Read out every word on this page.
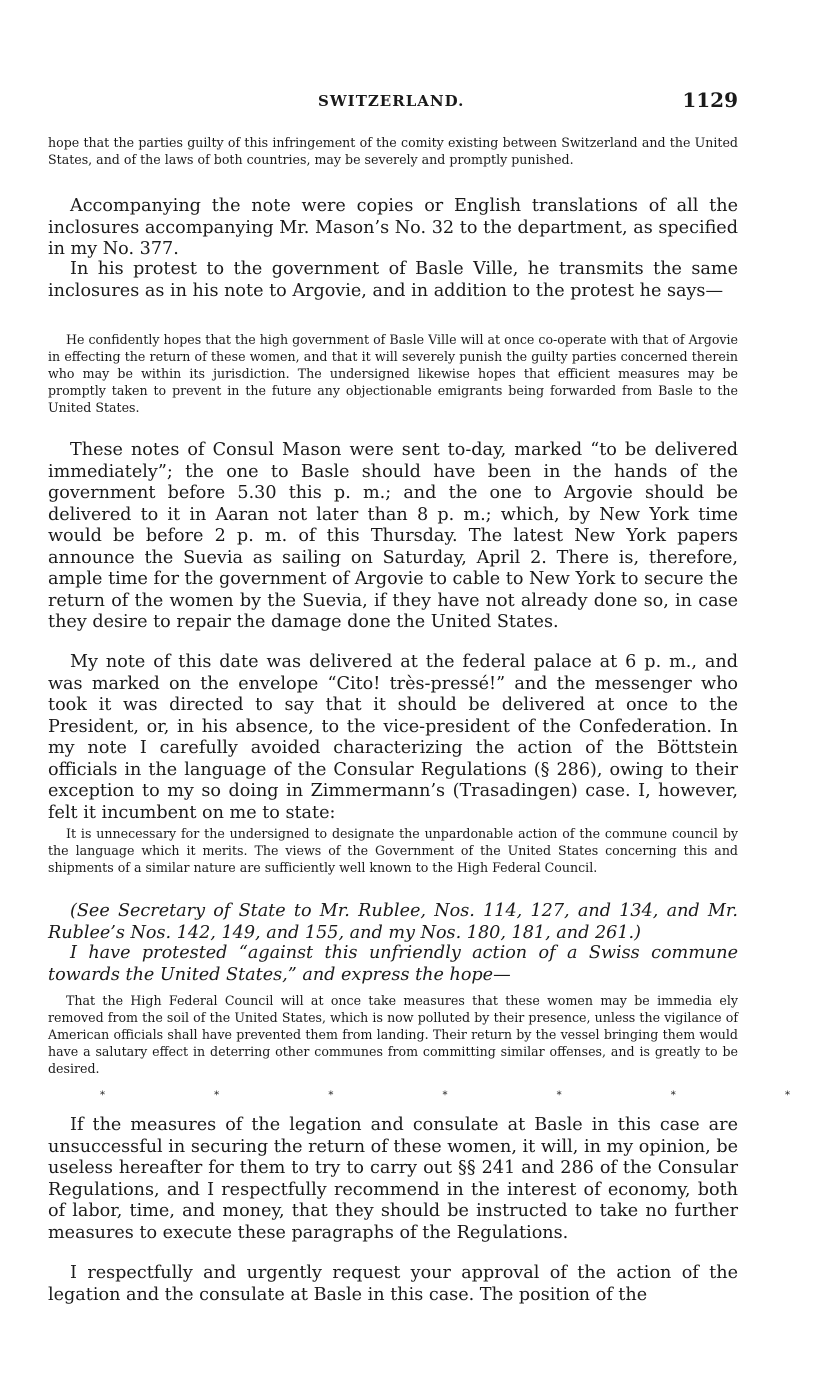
SWITZERLAND.	1129

hope that the parties guilty of this infringement of the comity existing between Switzerland and the United States, and of the laws of both countries, may be severely and promptly punished.

Accompanying the note were copies or English translations of all the inclosures accompanying Mr. Mason’s No. 32 to the department, as specified in my No. 377.

In his protest to the government of Basle Ville, he transmits the same inclosures as in his note to Argovie, and in addition to the protest he says—

He confidently hopes that the high government of Basle Ville will at once co-operate with that of Argovie in effecting the return of these women, and that it will severely punish the guilty parties concerned therein who may be within its jurisdiction. The undersigned likewise hopes that efficient measures may be promptly taken to prevent in the future any objectionable emigrants being forwarded from Basle to the United States.

These notes of Consul Mason were sent to-day, marked “to be delivered immediately”; the one to Basle should have been in the hands of the government before 5.30 this p. m.; and the one to Argovie should be delivered to it in Aaran not later than 8 p. m.; which, by New York time would be before 2 p. m. of this Thursday. The latest New York papers announce the Suevia as sailing on Saturday, April 2. There is, therefore, ample time for the government of Argovie to cable to New York to secure the return of the women by the Suevia, if they have not already done so, in case they desire to repair the damage done the United States.

My note of this date was delivered at the federal palace at 6 p. m., and was marked on the envelope “Cito! très-pressé!” and the messenger who took it was directed to say that it should be delivered at once to the President, or, in his absence, to the vice-president of the Confederation. In my note I carefully avoided characterizing the action of the Böttstein officials in the language of the Consular Regulations (§ 286), owing to their exception to my so doing in Zimmermann’s (Trasadingen) case. I, however, felt it incumbent on me to state:

It is unnecessary for the undersigned to designate the unpardonable action of the commune council by the language which it merits. The views of the Government of the United States concerning this and shipments of a similar nature are sufficiently well known to the High Federal Council.

(See Secretary of State to Mr. Rublee, Nos. 114, 127, and 134, and Mr. Rublee’s Nos. 142, 149, and 155, and my Nos. 180, 181, and 261.)

I have protested “against this unfriendly action of a Swiss commune towards the United States,” and express the hope—

That the High Federal Council will at once take measures that these women may be immedia ely removed from the soil of the United States, which is now polluted by their presence, unless the vigilance of American officials shall have prevented them from landing. Their return by the vessel bringing them would have a salutary effect in deterring other communes from committing similar offenses, and is greatly to be desired.

*	*	*	*	*	*	*

If the measures of the legation and consulate at Basle in this case are unsuccessful in securing the return of these women, it will, in my opinion, be useless hereafter for them to try to carry out §§ 241 and 286 of the Consular Regulations, and I respectfully recommend in the interest of economy, both of labor, time, and money, that they should be instructed to take no further measures to execute these paragraphs of the Regulations.

I respectfully and urgently request your approval of the action of the legation and the consulate at Basle in this case. The position of the
